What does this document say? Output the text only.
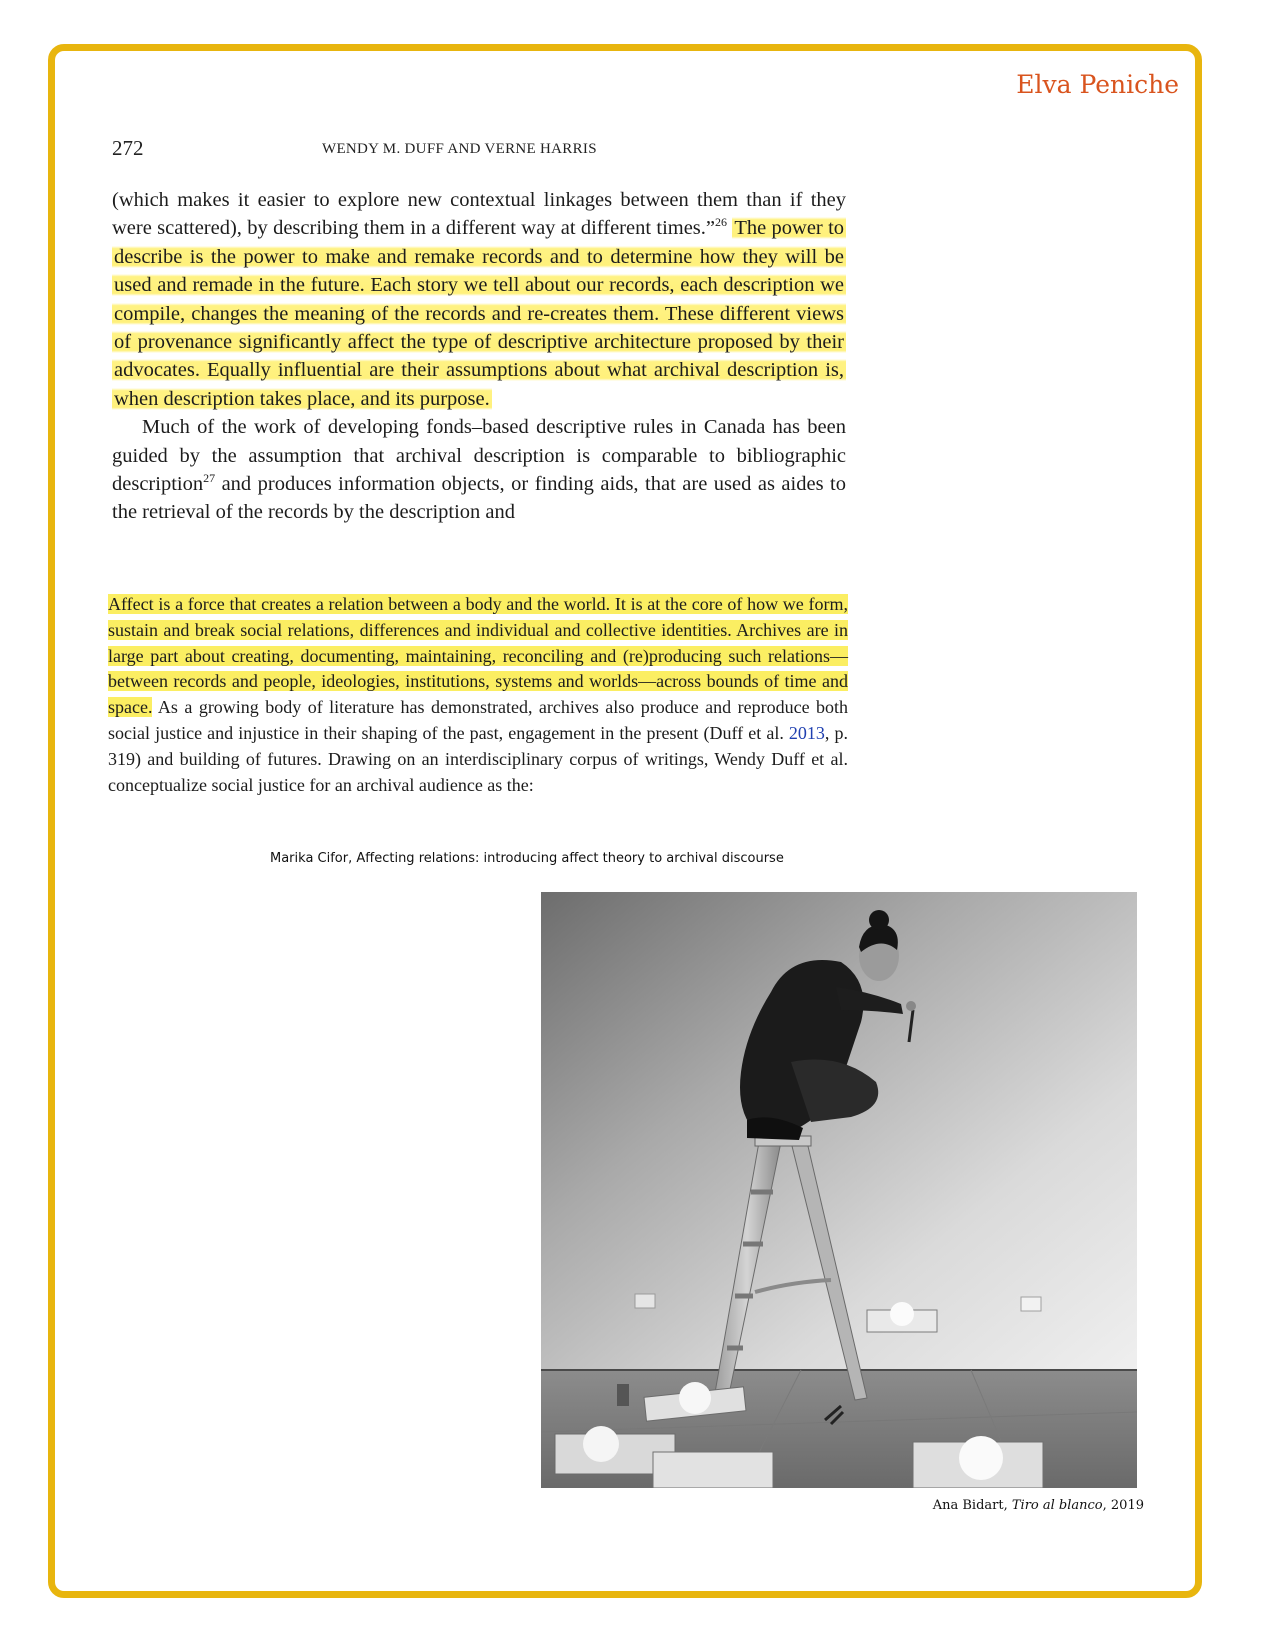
Elva Peniche
272	WENDY M. DUFF AND VERNE HARRIS

(which makes it easier to explore new contextual linkages between them than if they were scattered), by describing them in a different way at different times.”$^{26}$ The power to describe is the power to make and remake records and to determine how they will be used and remade in the future. Each story we tell about our records, each description we compile, changes the meaning of the records and re-creates them. These different views of provenance significantly affect the type of descriptive architecture proposed by their advocates. Equally influential are their assumptions about what archival description is, when description takes place, and its purpose.

Much of the work of developing fonds–based descriptive rules in Canada has been guided by the assumption that archival description is comparable to bibliographic description$^{27}$ and produces information objects, or finding aids, that are used as aides to the retrieval of the records by the description and

Affect is a force that creates a relation between a body and the world. It is at the core of how we form, sustain and break social relations, differences and individual and collective identities. Archives are in large part about creating, documenting, maintaining, reconciling and (re)producing such relations—between records and people, ideologies, institutions, systems and worlds—across bounds of time and space. As a growing body of literature has demonstrated, archives also produce and reproduce both social justice and injustice in their shaping of the past, engagement in the present (Duff et al. 2013, p. 319) and building of futures. Drawing on an interdisciplinary corpus of writings, Wendy Duff et al. conceptualize social justice for an archival audience as the:

Marika Cifor, Affecting relations: introducing affect theory to archival discourse
Ana Bidart, Tiro al blanco, 2019
